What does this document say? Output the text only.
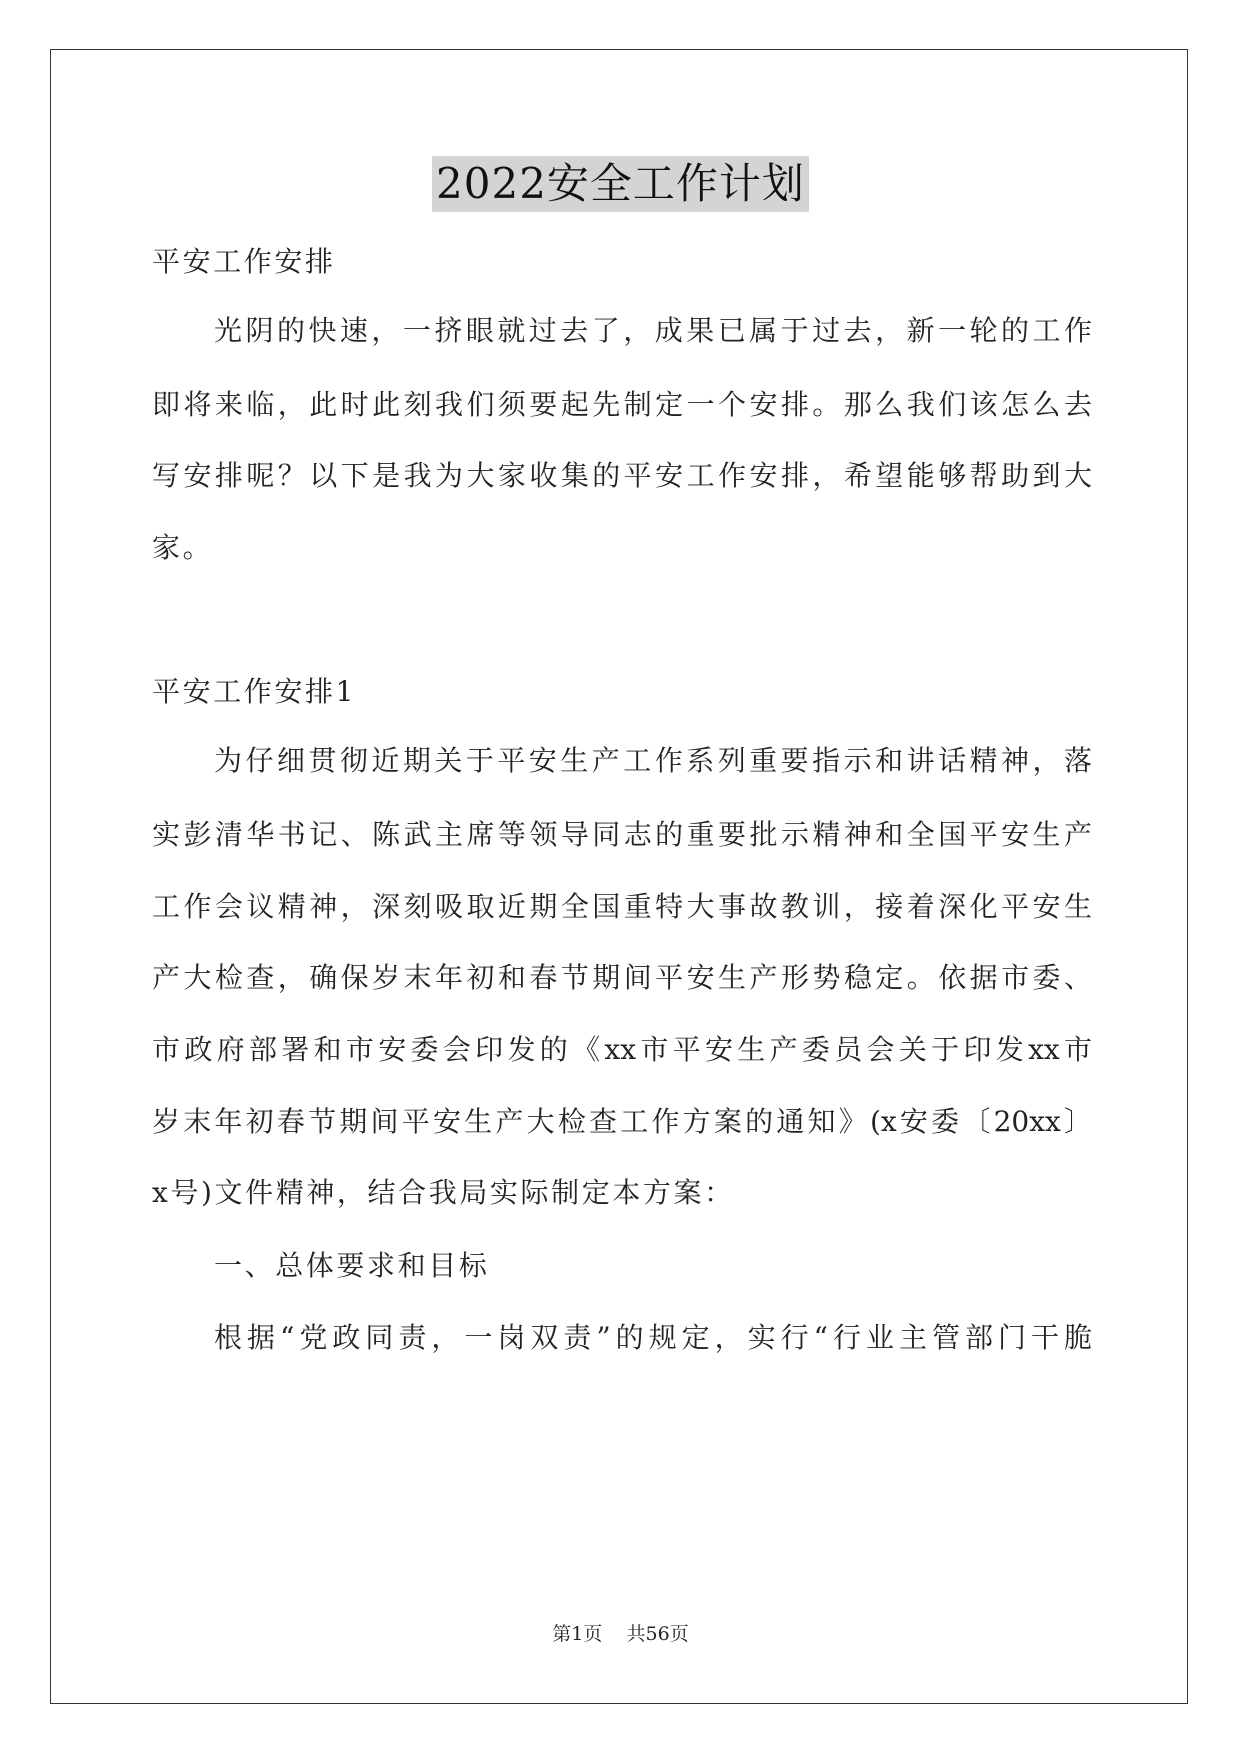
2022安全工作计划
平安工作安排
光阴的快速，一挤眼就过去了，成果已属于过去，新一轮的工作
即将来临，此时此刻我们须要起先制定一个安排。那么我们该怎么去
写安排呢？以下是我为大家收集的平安工作安排，希望能够帮助到大
家。
平安工作安排1
为仔细贯彻近期关于平安生产工作系列重要指示和讲话精神，落
实彭清华书记、陈武主席等领导同志的重要批示精神和全国平安生产
工作会议精神，深刻吸取近期全国重特大事故教训，接着深化平安生
产大检查，确保岁末年初和春节期间平安生产形势稳定。依据市委、
市政府部署和市安委会印发的《xx市平安生产委员会关于印发xx市
岁末年初春节期间平安生产大检查工作方案的通知》(x安委〔20xx〕
x号)文件精神，结合我局实际制定本方案：
一、总体要求和目标
根据“党政同责，一岗双责”的规定，实行“行业主管部门干脆
第1页    共56页
